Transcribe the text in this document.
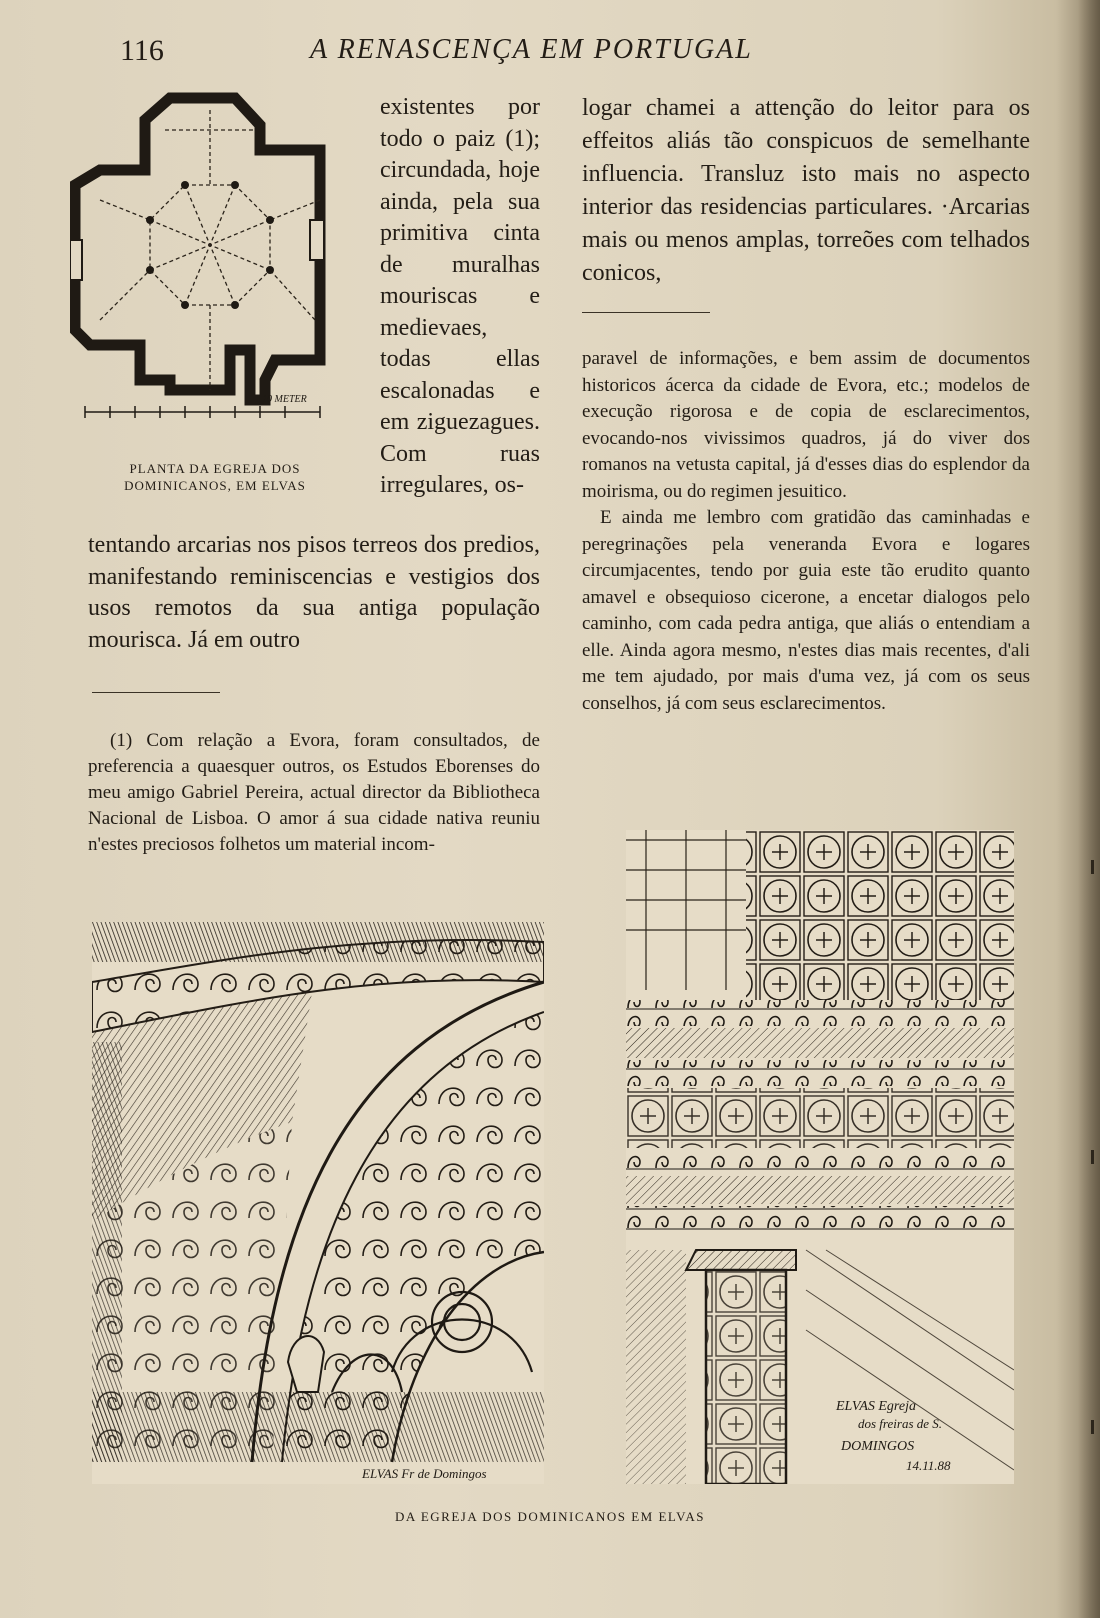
116	A RENASCENÇA EM PORTUGAL
10 METER
PLANTA DA EGREJA DOS DOMINICANOS, EM ELVAS
existentes por todo o paiz (1); circundada, hoje ainda, pela sua primitiva cinta de muralhas mouriscas e medievaes, todas ellas escalonadas e em ziguezagues. Com ruas irregulares, os-
tentando arcarias nos pisos terreos dos predios, manifestando reminiscencias e vestigios dos usos remotos da sua antiga população mourisca. Já em outro
logar chamei a attenção do leitor para os effeitos aliás tão conspicuos de semelhante influencia. Transluz isto mais no aspecto interior das residencias particulares. ·Arcarias mais ou menos amplas, torreões com telhados conicos,

paravel de informações, e bem assim de documentos historicos ácerca da cidade de Evora, etc.; modelos de execução rigorosa e de copia de esclarecimentos, evocando-nos vivissimos quadros, já do viver dos romanos na vetusta capital, já d'esses dias do esplendor da moirisma, ou do regimen jesuitico.

E ainda me lembro com gratidão das caminhadas e peregrinações pela veneranda Evora e logares circumjacentes, tendo por guia este tão erudito quanto amavel e obsequioso cicerone, a encetar dialogos pelo caminho, com cada pedra antiga, que aliás o entendiam a elle. Ainda agora mesmo, n'estes dias mais recentes, d'ali me tem ajudado, por mais d'uma vez, já com os seus conselhos, já com seus esclarecimentos.

(1) Com relação a Evora, foram consultados, de preferencia a quaesquer outros, os Estudos Eborenses do meu amigo Gabriel Pereira, actual director da Bibliotheca Nacional de Lisboa. O amor á sua cidade nativa reuniu n'estes preciosos folhetos um material incom-
ELVAS Fr de Domingos
ELVAS Egreja
dos freiras de S.
DOMINGOS
14.11.88
DA EGREJA DOS DOMINICANOS EM ELVAS
